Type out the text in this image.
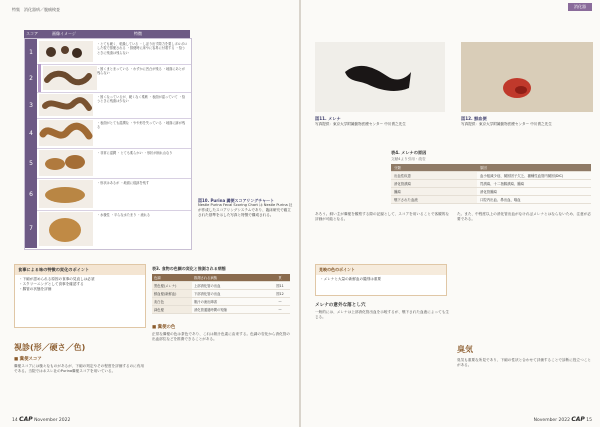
特集　消化器病／腹痛検査
スコア	画像イメージ	特徴
1
・とても硬く、乾燥している ・しぼり出す際力を要しポロポロした粒で排便される ・排便時に床やに容易に付着する ・拾うときに残渣は残らない
2
・固くまとまっている ・わずかに凹凸が残る ・地面にあとが残らない
3
・固くなっているが、硬くなく柔軟 ・表面が湿っていて ・拾うときに残渣は少ない
4
・表面がとても湿潤な ・やや形を失っている ・地面に跡が残る
5
・非常に湿潤 ・とても柔らかい ・形状が崩れ山なり
6
・形状はあるが ・地面に痕跡を残す
7
・水様性 ・平らな水たまり ・流れる
図10. Purina 糞便スコアリングチャート
Nestle Purina Fecal Scoring Chart は Nestle Purina 社が作成したスコアリングシステムであり、臨床研究で確立された基準を示した写真と特徴で構成される。
食事による味の特徴の変化のポイント
・下痢が認められる原因の食事の見直しは必須
・スクリーニングとして食事を確認する
・腸管の状態を評価
表3. 食物の色調の変化と推測される病態
色調	推測される病態	頁
黒色便(メレナ)	上部消化管の出血	図11
鮮血便(新鮮血)	下部消化管の出血	図12
灰白色	胆汁の流出障害	—
緑色便	消化管通過時間の短縮	—
視診(形／硬さ／色)
■ 糞便スコア
糞便スコアには様々なものがあるが、下痢の判定やその程度を評価するのに有用である。当院ではネスレ社のPurina糞便スコアを用いている。
■ 糞便の色
正常な糞便の色は茶色であり、これは胆汁色素に由来する。色調の変化から消化管の出血部位などを推測できることがある。
14 CAP November 2022
消化器
図11. メレナ
写真提供：東京大学附属動物医療センター 中川貴之先生
図12. 鮮血便
写真提供：東京大学附属動物医療センター 中川貴之先生
表4. メレナの原因
文献4より引用・改変
分類	原因
出血性疾患	血小板減少症、凝固因子欠乏、播種性血管内凝固(DIC)
消化管潰瘍	胃潰瘍、十二指腸潰瘍、腫瘍
腫瘍	消化管腫瘍
嚥下された血液	口腔内出血、鼻出血、喀血
あろう。飼い主が糞便を観察する際の記録として、スコアを用いることで客観的な評価が可能となる。
見映の色のポイント
・メレナと大量の新鮮血の鑑別は重要
メレナの意外な落とし穴
一般的には、メレナは上部消化管出血を示唆するが、嚥下された血液によっても生じる。
た。また、中程度以上の消化管出血がなければメレナとはならないため、注意が必要である。
臭気
臭気も重要な所見であり、下痢の性状と合わせて評価することで診断に役立つことがある。
November 2022 CAP 15
